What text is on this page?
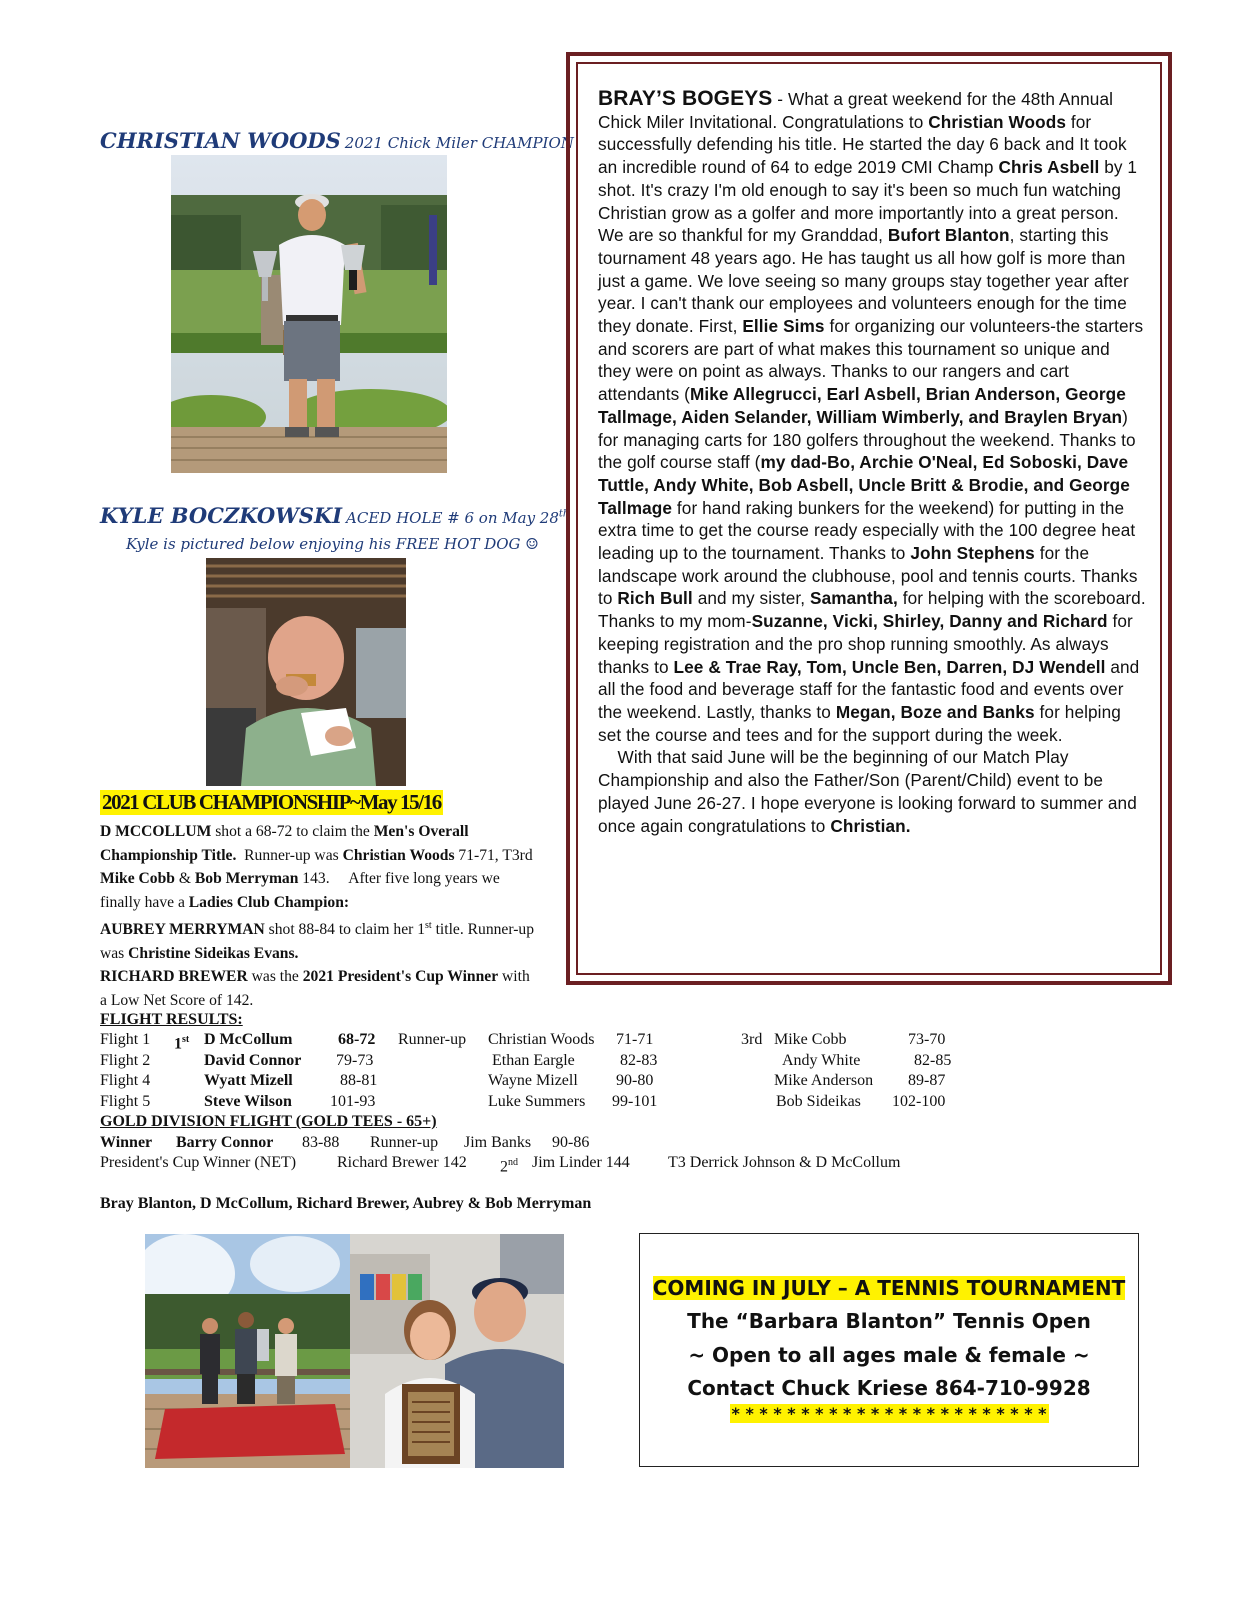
CHRISTIAN WOODS 2021 Chick Miler CHAMPION
KYLE BOCZKOWSKI ACED HOLE # 6 on May 28th
Kyle is pictured below enjoying his FREE HOT DOG ☺

BRAY’S BOGEYS - What a great weekend for the 48th Annual Chick Miler Invitational. Congratulations to Christian Woods for successfully defending his title. He started the day 6 back and It took an incredible round of 64 to edge 2019 CMI Champ Chris Asbell by 1 shot. It's crazy I'm old enough to say it's been so much fun watching Christian grow as a golfer and more importantly into a great person. We are so thankful for my Granddad, Bufort Blanton, starting this tournament 48 years ago. He has taught us all how golf is more than just a game. We love seeing so many groups stay together year after year. I can't thank our employees and volunteers enough for the time they donate. First, Ellie Sims for organizing our volunteers-the starters and scorers are part of what makes this tournament so unique and they were on point as always. Thanks to our rangers and cart attendants (Mike Allegrucci, Earl Asbell, Brian Anderson, George Tallmage, Aiden Selander, William Wimberly, and Braylen Bryan) for managing carts for 180 golfers throughout the weekend. Thanks to the golf course staff (my dad-Bo, Archie O'Neal, Ed Soboski, Dave Tuttle, Andy White, Bob Asbell, Uncle Britt & Brodie, and George Tallmage for hand raking bunkers for the weekend) for putting in the extra time to get the course ready especially with the 100 degree heat leading up to the tournament. Thanks to John Stephens for the landscape work around the clubhouse, pool and tennis courts. Thanks to Rich Bull and my sister, Samantha, for helping with the scoreboard. Thanks to my mom-Suzanne, Vicki, Shirley, Danny and Richard for keeping registration and the pro shop running smoothly. As always thanks to Lee & Trae Ray, Tom, Uncle Ben, Darren, DJ Wendell and all the food and beverage staff for the fantastic food and events over the weekend. Lastly, thanks to Megan, Boze and Banks for helping set the course and tees and for the support during the week.

With that said June will be the beginning of our Match Play Championship and also the Father/Son (Parent/Child) event to be played June 26-27. I hope everyone is looking forward to summer and once again congratulations to Christian.

2021 CLUB CHAMPIONSHIP~May 15/16
D MCCOLLUM shot a 68-72 to claim the Men's Overall Championship Title.  Runner-up was Christian Woods 71-71, T3rd Mike Cobb & Bob Merryman 143.     After five long years we finally have a Ladies Club Champion:
AUBREY MERRYMAN shot 88-84 to claim her 1st title. Runner-up was Christine Sideikas Evans.
RICHARD BREWER was the 2021 President's Cup Winner with a Low Net Score of 142.
FLIGHT RESULTS:
Flight 1 1st D McCollum	68-72 Runner-up Christian Woods 71-71	3rd Mike Cobb	73-70
Flight 2	David Connor 79-73	Ethan Eargle	82-83	Andy White	82-85
Flight 4	Wyatt Mizell	88-81	Wayne Mizell 90-80	Mike Anderson 89-87
Flight 5	Steve Wilson 101-93	Luke Summers 99-101	Bob Sideikas 102-100
GOLD DIVISION FLIGHT (GOLD TEES - 65+)
Winner Barry Connor 83-88 Runner-up Jim Banks 90-86
President's Cup Winner (NET)	Richard Brewer 142 2nd Jim Linder 144 T3 Derrick Johnson & D McCollum
Bray Blanton, D McCollum, Richard Brewer, Aubrey & Bob Merryman
COMING IN JULY – A TENNIS TOURNAMENT
The “Barbara Blanton” Tennis Open
~ Open to all ages male & female ~
Contact Chuck Kriese 864-710-9928
* * * * * * * * * * * * * * * * * * * * * * *
